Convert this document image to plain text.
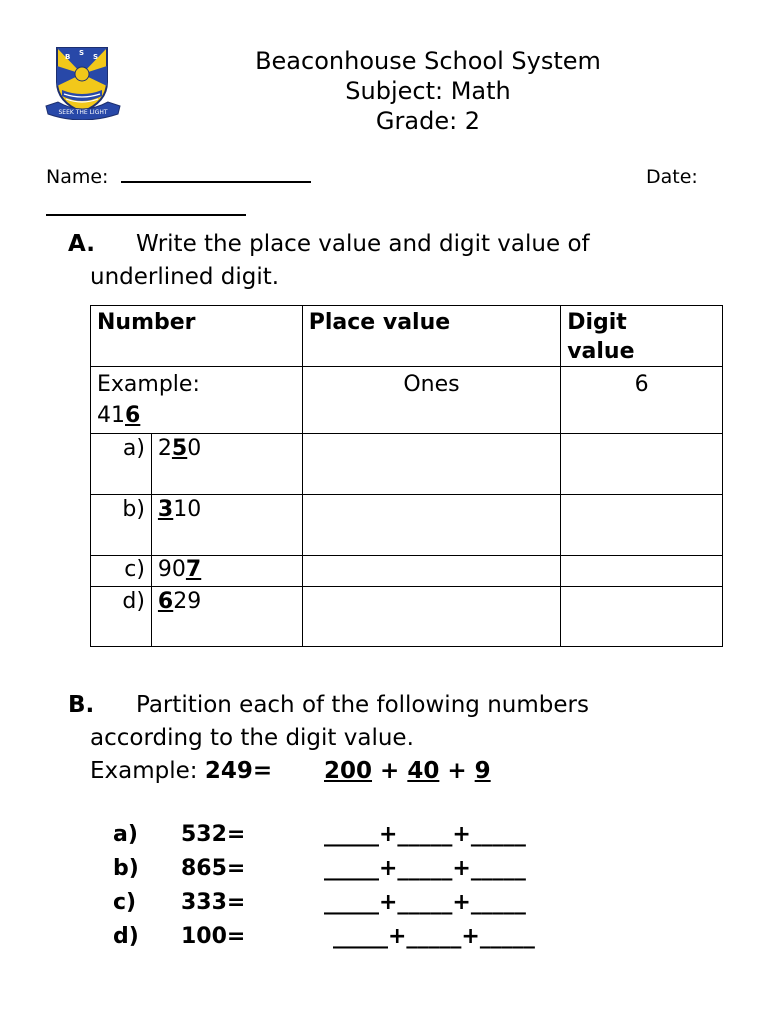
B S S
SEEK THE LIGHT
Beaconhouse School System
Subject: Math
Grade: 2
Name:	Date:
A. Write the place value and digit value of
underlined digit.
Number		Place value	Digit
value

Example:
416		Ones	6

a)	250		

b)	310		

c)	907		

d)	629		

B. Partition each of the following numbers
according to the digit value.
Example: 249= 200 + 40 + 9
a) 532=	_____+_____+_____
b) 865=	_____+_____+_____
c) 333=	_____+_____+_____
d) 100=	_____+_____+_____
